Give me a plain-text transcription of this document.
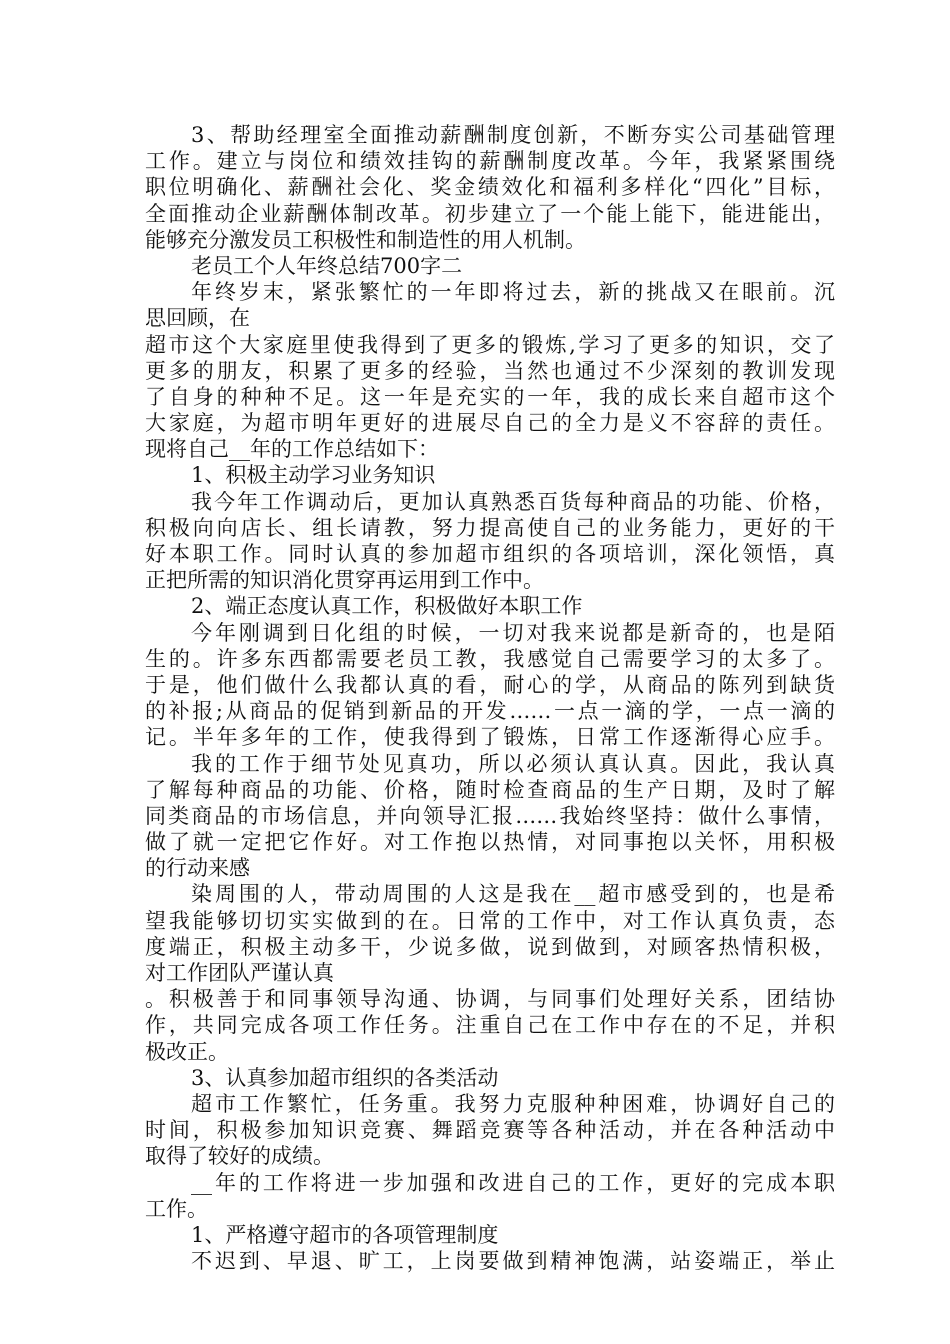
3、帮助经理室全面推动薪酬制度创新，不断夯实公司基础管理
工作。建立与岗位和绩效挂钩的薪酬制度改革。今年，我紧紧围绕
职位明确化、薪酬社会化、奖金绩效化和福利多样化“四化”目标，
全面推动企业薪酬体制改革。初步建立了一个能上能下，能进能出，
能够充分激发员工积极性和制造性的用人机制。
老员工个人年终总结700字二
年终岁末，紧张繁忙的一年即将过去，新的挑战又在眼前。沉
思回顾，在
超市这个大家庭里使我得到了更多的锻炼,学习了更多的知识，交了
更多的朋友，积累了更多的经验，当然也通过不少深刻的教训发现
了自身的种种不足。这一年是充实的一年，我的成长来自超市这个
大家庭，为超市明年更好的进展尽自己的全力是义不容辞的责任。
现将自己__年的工作总结如下：
1、积极主动学习业务知识
我今年工作调动后，更加认真熟悉百货每种商品的功能、价格，
积极向向店长、组长请教，努力提高使自己的业务能力，更好的干
好本职工作。同时认真的参加超市组织的各项培训，深化领悟，真
正把所需的知识消化贯穿再运用到工作中。
2、端正态度认真工作，积极做好本职工作
今年刚调到日化组的时候，一切对我来说都是新奇的，也是陌
生的。许多东西都需要老员工教，我感觉自己需要学习的太多了。
于是，他们做什么我都认真的看，耐心的学，从商品的陈列到缺货
的补报;从商品的促销到新品的开发……一点一滴的学，一点一滴的
记。半年多年的工作，使我得到了锻炼，日常工作逐渐得心应手。
我的工作于细节处见真功，所以必须认真认真。因此，我认真
了解每种商品的功能、价格，随时检查商品的生产日期，及时了解
同类商品的市场信息，并向领导汇报……我始终坚持：做什么事情，
做了就一定把它作好。对工作抱以热情，对同事抱以关怀，用积极
的行动来感
染周围的人，带动周围的人这是我在__超市感受到的，也是希
望我能够切切实实做到的在。日常的工作中，对工作认真负责，态
度端正，积极主动多干，少说多做，说到做到，对顾客热情积极，
对工作团队严谨认真
。积极善于和同事领导沟通、协调，与同事们处理好关系，团结协
作，共同完成各项工作任务。注重自己在工作中存在的不足，并积
极改正。
3、认真参加超市组织的各类活动
超市工作繁忙，任务重。我努力克服种种困难，协调好自己的
时间，积极参加知识竞赛、舞蹈竞赛等各种活动，并在各种活动中
取得了较好的成绩。
__年的工作将进一步加强和改进自己的工作，更好的完成本职
工作。
1、严格遵守超市的各项管理制度
不迟到、早退、旷工，上岗要做到精神饱满，站姿端正，举止
